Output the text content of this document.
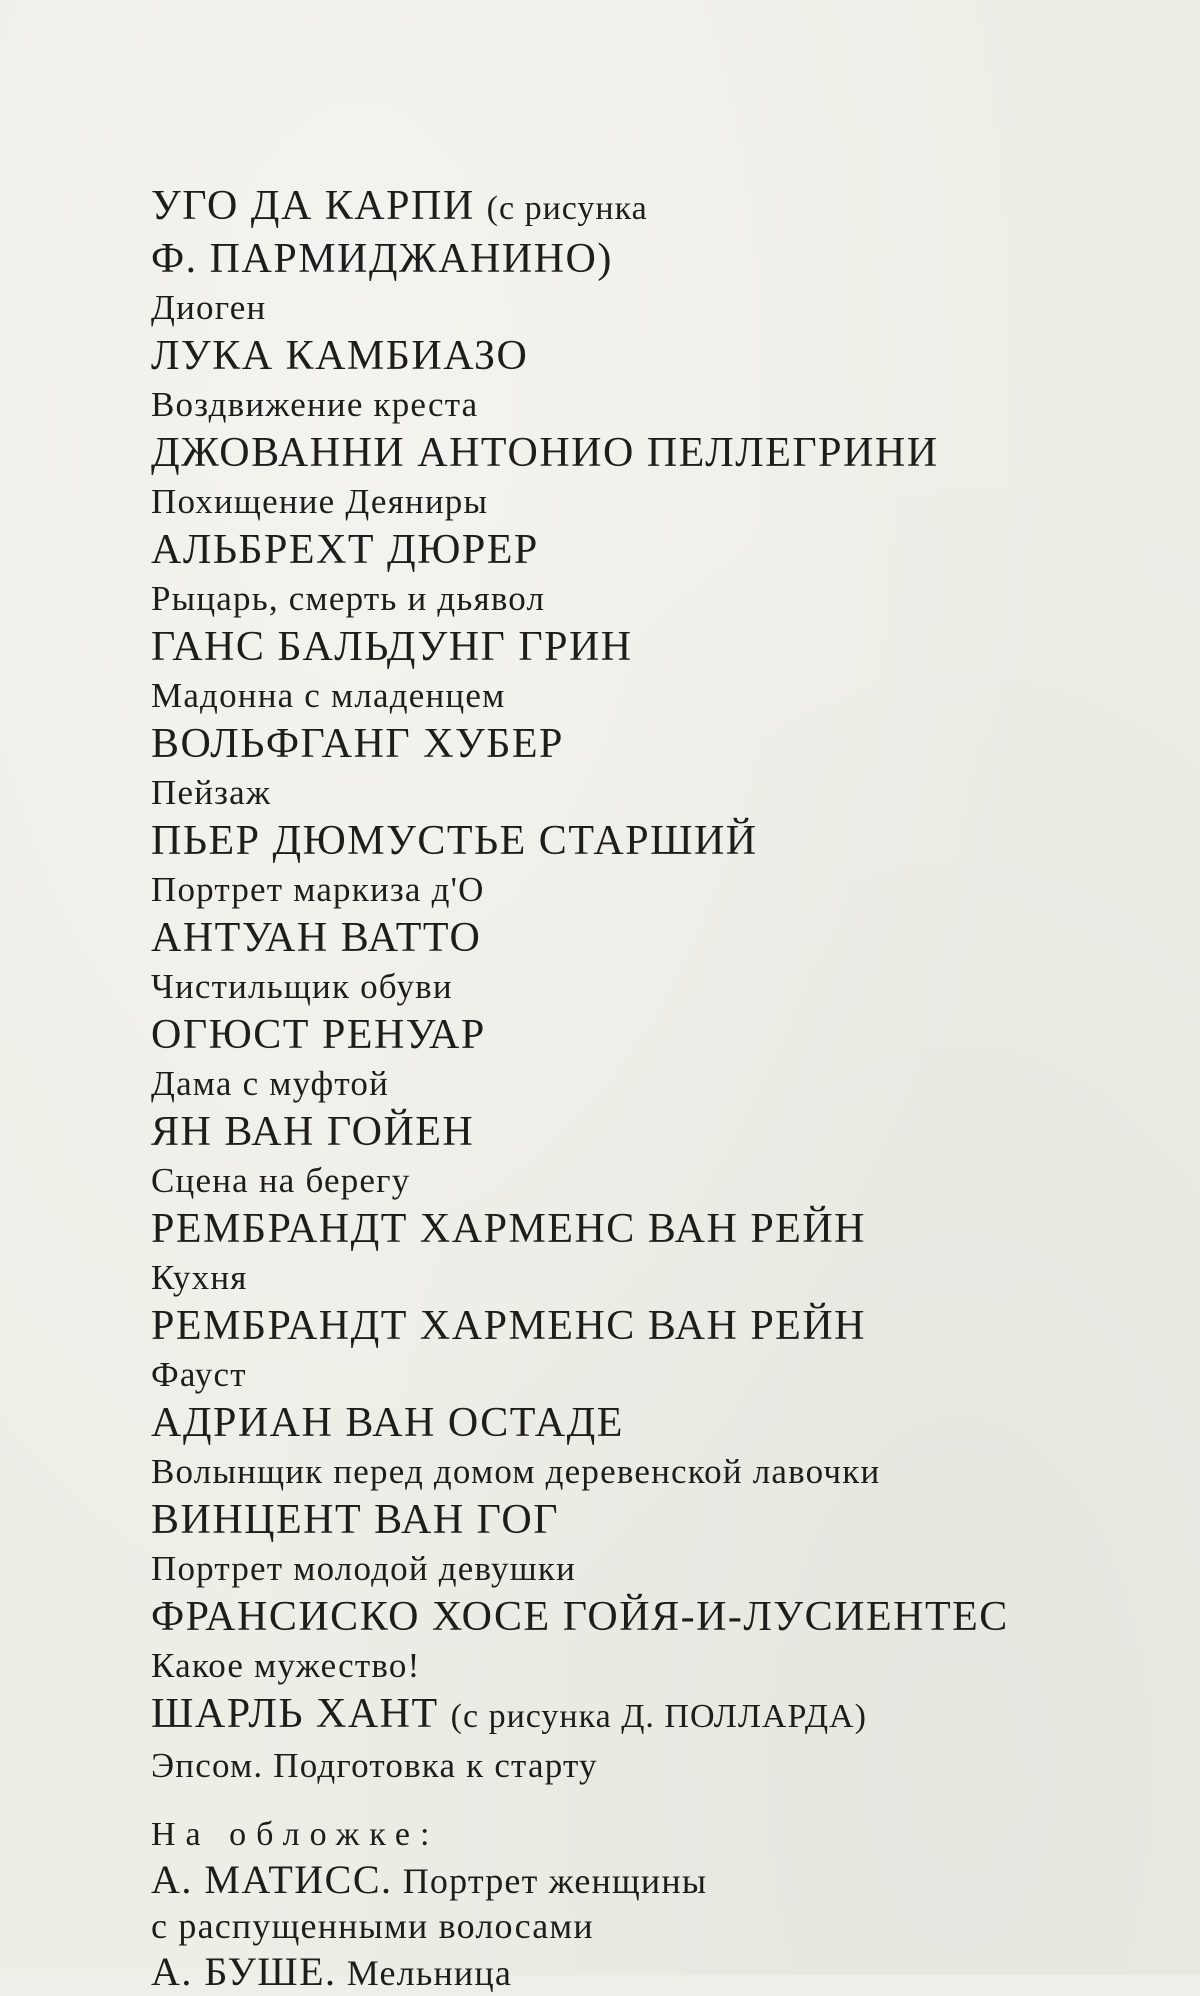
УГО ДА КАРПИ (с рисунка
Ф. ПАРМИДЖАНИНО)
Диоген
ЛУКА КАМБИАЗО
Воздвижение креста
ДЖОВАННИ АНТОНИО ПЕЛЛЕГРИНИ
Похищение Деяниры
АЛЬБРЕХТ ДЮРЕР
Рыцарь, смерть и дьявол
ГАНС БАЛЬДУНГ ГРИН
Мадонна с младенцем
ВОЛЬФГАНГ ХУБЕР
Пейзаж
ПЬЕР ДЮМУСТЬЕ СТАРШИЙ
Портрет маркиза д'О
АНТУАН ВАТТО
Чистильщик обуви
ОГЮСТ РЕНУАР
Дама с муфтой
ЯН ВАН ГОЙЕН
Сцена на берегу
РЕМБРАНДТ ХАРМЕНС ВАН РЕЙН
Кухня
РЕМБРАНДТ ХАРМЕНС ВАН РЕЙН
Фауст
АДРИАН ВАН ОСТАДЕ
Волынщик перед домом деревенской лавочки
ВИНЦЕНТ ВАН ГОГ
Портрет молодой девушки
ФРАНСИСКО ХОСЕ ГОЙЯ-И-ЛУСИЕНТЕС
Какое мужество!
ШАРЛЬ ХАНТ (с рисунка Д. ПОЛЛАРДА)
Эпсом. Подготовка к старту
На обложке:
А. МАТИСС. Портрет женщины
с распущенными волосами
А. БУШЕ. Мельница
